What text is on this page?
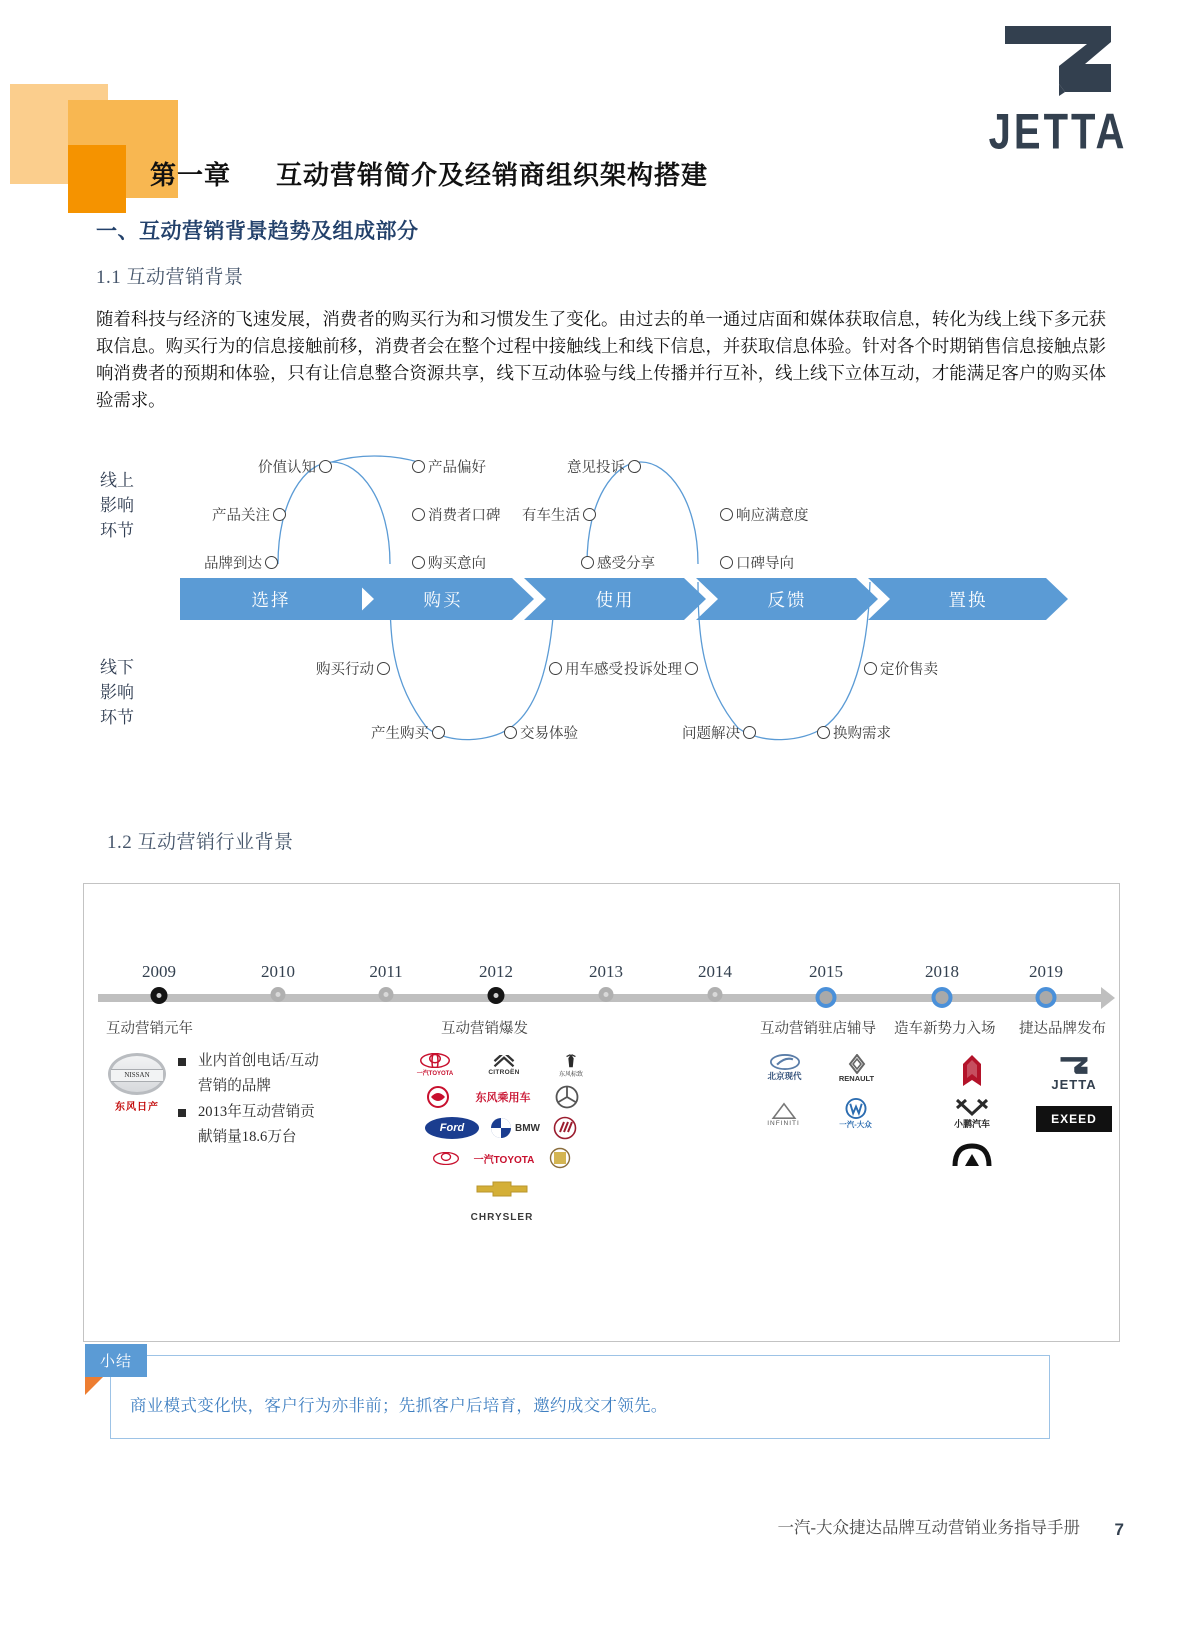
JETTA
第一章      互动营销简介及经销商组织架构搭建
一、互动营销背景趋势及组成部分
1.1 互动营销背景
1.2 互动营销行业背景
随着科技与经济的飞速发展，消费者的购买行为和习惯发生了变化。由过去的单一通过店面和媒体获取信息，转化为线上线下多元获取信息。购买行为的信息接触前移，消费者会在整个过程中接触线上和线下信息，并获取信息体验。针对各个时期销售信息接触点影响消费者的预期和体验，只有让信息整合资源共享，线下互动体验与线上传播并行互补，线上线下立体互动，才能满足客户的购买体验需求。
线上
影响
环节
线下
影响
环节
品牌到达
产品关注
价值认知	产品偏好
消费者口碑
购买意向	感受分享
有车生活
意见投诉
响应满意度
口碑导向
选择	购买	使用	反馈	置换
购买行动
产生购买	交易体验
用车感受 投诉处理
问题解决	换购需求
定价售卖
2009	2010	2011	2012	2013	2014	2015	2018	2019
互动营销元年	互动营销爆发	互动营销驻店辅导 造车新势力入场 捷达品牌发布
NISSAN
东风日产
业内首创电话/互动营销的品牌
2013年互动营销贡献销量18.6万台
一汽TOYOTA	CITROËN	东风标致
东风乘用车
Ford	BMW
一汽TOYOTA
CHRYSLER
北京现代	RENAULT
INFINITI	一汽-大众	小鹏汽车
JETTA
EXEED
小结
商业模式变化快，客户行为亦非前；先抓客户后培育，邀约成交才领先。
一汽-大众捷达品牌互动营销业务指导手册 7
